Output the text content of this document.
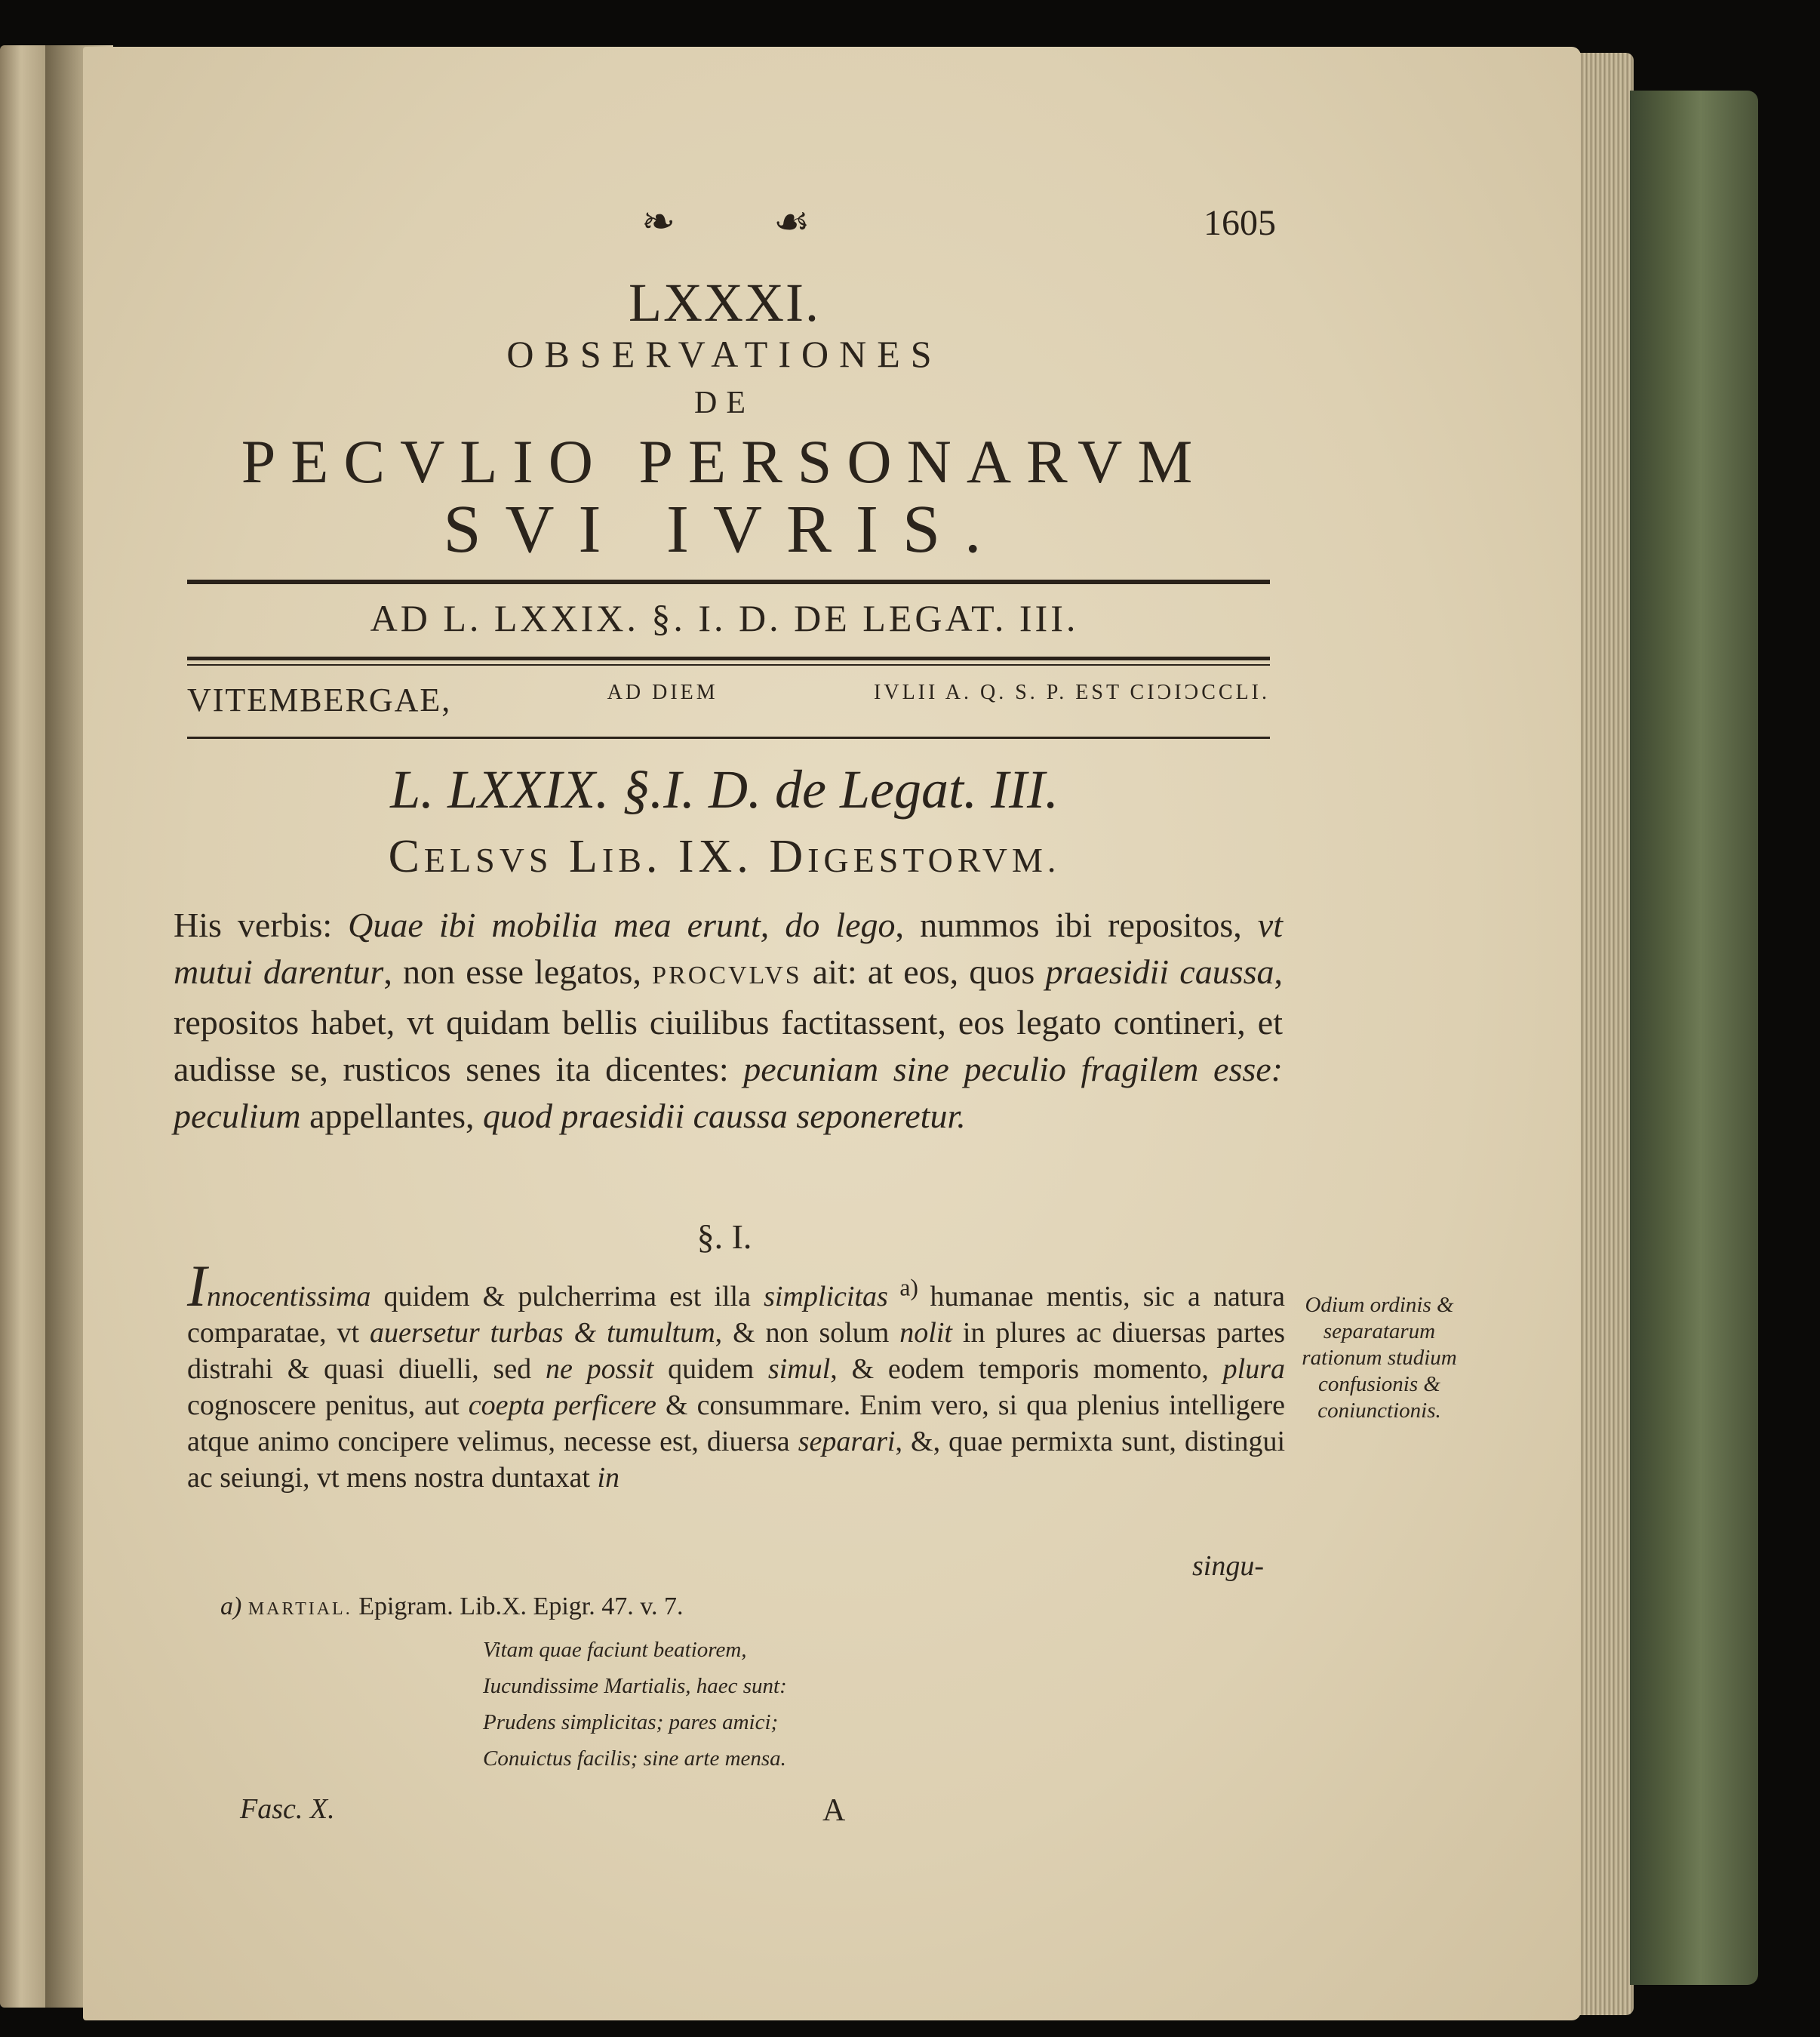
❧ ☙	1605
LXXXI.
OBSERVATIONES
DE
PECVLIO PERSONARVM
SVI IVRIS.
AD L. LXXIX. §. I. D. DE LEGAT. III.
VITEMBERGAE,	AD DIEM	IVLII A. Q. S. P. EST CIƆIƆCCLI.
L. LXXIX. §.I. D. de Legat. III.
CELSVS LIB. IX. DIGESTORVM.
His verbis: Quae ibi mobilia mea erunt, do lego, nummos ibi repositos, vt mutui darentur, non esse legatos, PROCVLVS ait: at eos, quos praesidii caussa, repositos habet, vt quidam bellis ciuilibus factitassent, eos legato contineri, et audisse se, rusticos senes ita dicentes: pecuniam sine peculio fragilem esse: peculium appellantes, quod praesidii caussa seponeretur.
§. I.
Innocentissima quidem & pulcherrima est illa simplicitas $^{a)}$ humanae mentis, sic a natura comparatae, vt auersetur turbas & tumultum, & non solum nolit in plures ac diuersas partes distrahi & quasi diuelli, sed ne possit quidem simul, & eodem temporis momento, plura cognoscere penitus, aut coepta perficere & consummare. Enim vero, si qua plenius intelligere atque animo concipere velimus, necesse est, diuersa separari, &, quae permixta sunt, distingui ac seiungi, vt mens nostra duntaxat in
singu-
Odium ordinis & separatarum rationum studium confusionis & coniunctionis.
a) MARTIAL. Epigram. Lib.X. Epigr. 47. v. 7.
Vitam quae faciunt beatiorem,
Iucundissime Martialis, haec sunt:
Prudens simplicitas; pares amici;
Conuictus facilis; sine arte mensa.
Fasc. X.	A
